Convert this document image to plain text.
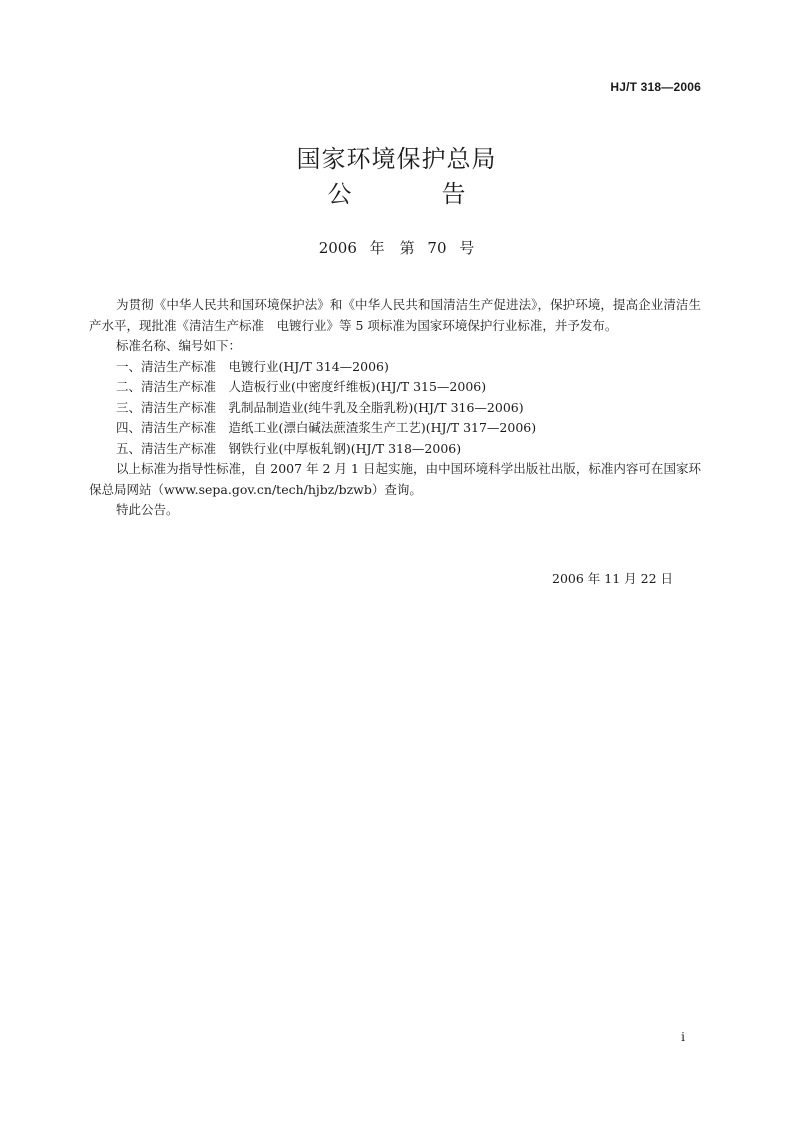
HJ/T 318—2006
国家环境保护总局
公	告
2006 年　第 70 号

为贯彻《中华人民共和国环境保护法》和《中华人民共和国清洁生产促进法》，保护环境，提高企业清洁生产水平，现批准《清洁生产标准　电镀行业》等 5 项标准为国家环境保护行业标准，并予发布。

标准名称、编号如下：

一、清洁生产标准　电镀行业(HJ/T 314—2006)

二、清洁生产标准　人造板行业(中密度纤维板)(HJ/T 315—2006)

三、清洁生产标准　乳制品制造业(纯牛乳及全脂乳粉)(HJ/T 316—2006)

四、清洁生产标准　造纸工业(漂白碱法蔗渣浆生产工艺)(HJ/T 317—2006)

五、清洁生产标准　钢铁行业(中厚板轧钢)(HJ/T 318—2006)

以上标准为指导性标准，自 2007 年 2 月 1 日起实施，由中国环境科学出版社出版，标准内容可在国家环保总局网站（www.sepa.gov.cn/tech/hjbz/bzwb）查询。

特此公告。

2006 年 11 月 22 日
i
